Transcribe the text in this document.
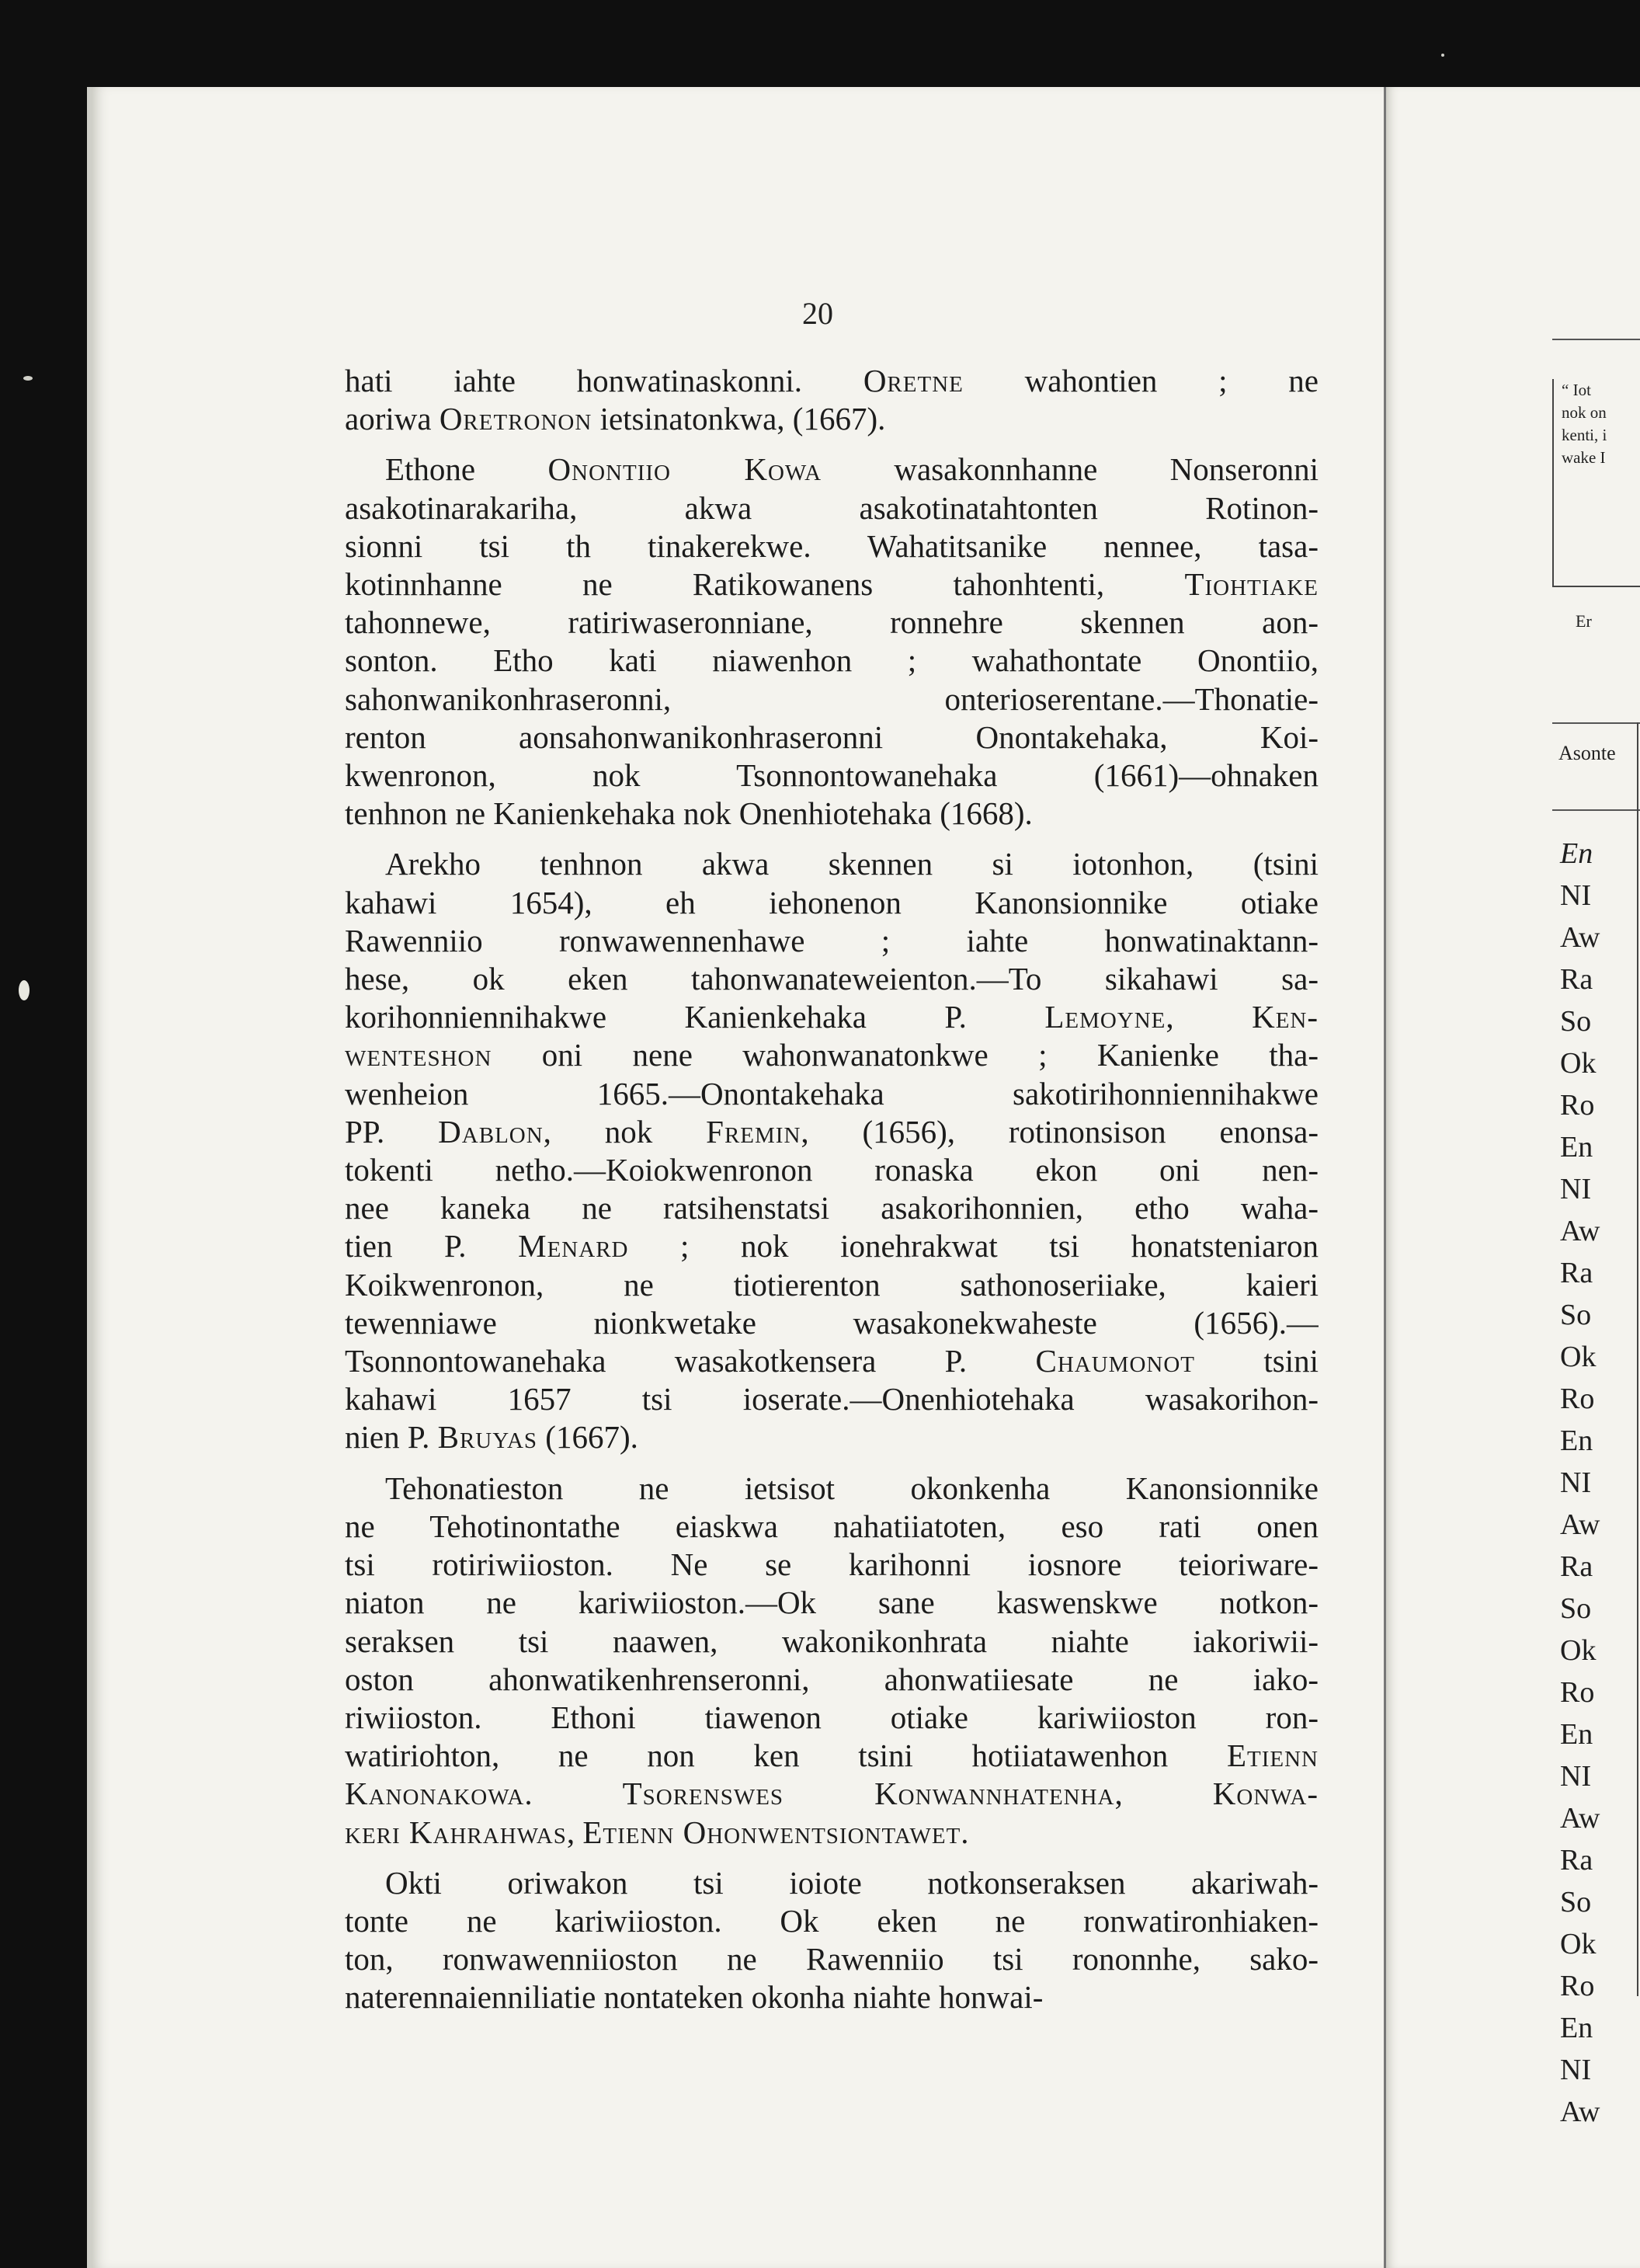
20
hati iahte honwatinaskonni. Oretne wahontien ; ne
aoriwa Oretronon ietsinatonkwa, (1667).
Ethone Onontiio Kowa wasakonnhanne Nonseronni
asakotinarakariha, akwa asakotinatahtonten Rotinon-
sionni tsi th tinakerekwe. Wahatitsanike nennee, tasa-
kotinnhanne ne Ratikowanens tahonhtenti, Tiohtiake
tahonnewe, ratiriwaseronniane, ronnehre skennen aon-
sonton. Etho kati niawenhon ; wahathontate Onontiio,
sahonwanikonhraseronni, onterioserentane.—Thonatie-
renton aonsahonwanikonhraseronni Onontakehaka, Koi-
kwenronon, nok Tsonnontowanehaka (1661)—ohnaken
tenhnon ne Kanienkehaka nok Onenhiotehaka (1668).
Arekho tenhnon akwa skennen si iotonhon, (tsini
kahawi 1654), eh iehonenon Kanonsionnike otiake
Rawenniio ronwawennenhawe ; iahte honwatinaktann-
hese, ok eken tahonwanateweienton.—To sikahawi sa-
korihonniennihakwe Kanienkehaka P. Lemoyne, Ken-
wenteshon oni nene wahonwanatonkwe ; Kanienke tha-
wenheion 1665.—Onontakehaka sakotirihonniennihakwe
PP. Dablon, nok Fremin, (1656), rotinonsison enonsa-
tokenti netho.—Koiokwenronon ronaska ekon oni nen-
nee kaneka ne ratsihenstatsi asakorihonnien, etho waha-
tien P. Menard ; nok ionehrakwat tsi honatsteniaron
Koikwenronon, ne tiotierenton sathonoseriiake, kaieri
tewenniawe nionkwetake wasakonekwaheste (1656).—
Tsonnontowanehaka wasakotkensera P. Chaumonot tsini
kahawi 1657 tsi ioserate.—Onenhiotehaka wasakorihon-
nien P. Bruyas (1667).
Tehonatieston ne ietsisot okonkenha Kanonsionnike
ne Tehotinontathe eiaskwa nahatiiatoten, eso rati onen
tsi rotiriwiioston. Ne se karihonni iosnore teioriware-
niaton ne kariwiioston.—Ok sane kaswenskwe notkon-
seraksen tsi naawen, wakonikonhrata niahte iakoriwii-
oston ahonwatikenhrenseronni, ahonwatiiesate ne iako-
riwiioston. Ethoni tiawenon otiake kariwiioston ron-
watiriohton, ne non ken tsini hotiiatawenhon Etienn
Kanonakowa. Tsorenswes Konwannhatenha, Konwa-
keri Kahrahwas, Etienn Ohonwentsiontawet.
Okti oriwakon tsi ioiote notkonseraksen akariwah-
tonte ne kariwiioston. Ok eken ne ronwatironhiaken-
ton, ronwawenniioston ne Rawenniio tsi rononnhe, sako-
naterennaienniliatie nontateken okonha niahte honwai-
“ Iot
nok on
kenti, i
wake I
Er
Asonte
En
NI
Aw
Ra
So
Ok
Ro
En
NI
Aw
Ra
So
Ok
Ro
En
NI
Aw
Ra
So
Ok
Ro
En
NI
Aw
Ra
So
Ok
Ro
En
NI
Aw
